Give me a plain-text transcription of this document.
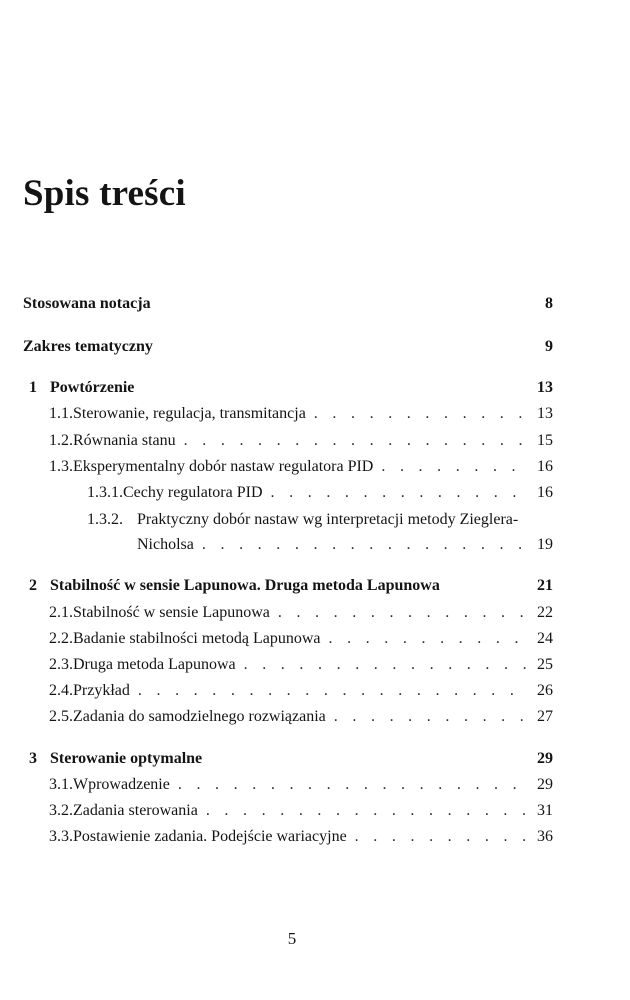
Spis treści
Stosowana notacja	8
Zakres tematyczny	9
1 Powtórzenie	13
1.1. Sterowanie, regulacja, transmitancja . . .	13
1.2. Równania stanu . . .	15
1.3. Eksperymentalny dobór nastaw regulatora PID . . .	16
1.3.1. Cechy regulatora PID . . .	16
1.3.2. Praktyczny dobór nastaw wg interpretacji metody Zieglera-
Nicholsa . . .	19
2 Stabilność w sensie Lapunowa. Druga metoda Lapunowa	21
2.1. Stabilność w sensie Lapunowa . . .	22
2.2. Badanie stabilności metodą Lapunowa . . .	24
2.3. Druga metoda Lapunowa . . .	25
2.4. Przykład . . .	26
2.5. Zadania do samodzielnego rozwiązania . . .	27
3 Sterowanie optymalne	29
3.1. Wprowadzenie . . .	29
3.2. Zadania sterowania . . .	31
3.3. Postawienie zadania. Podejście wariacyjne . . .	36
5
